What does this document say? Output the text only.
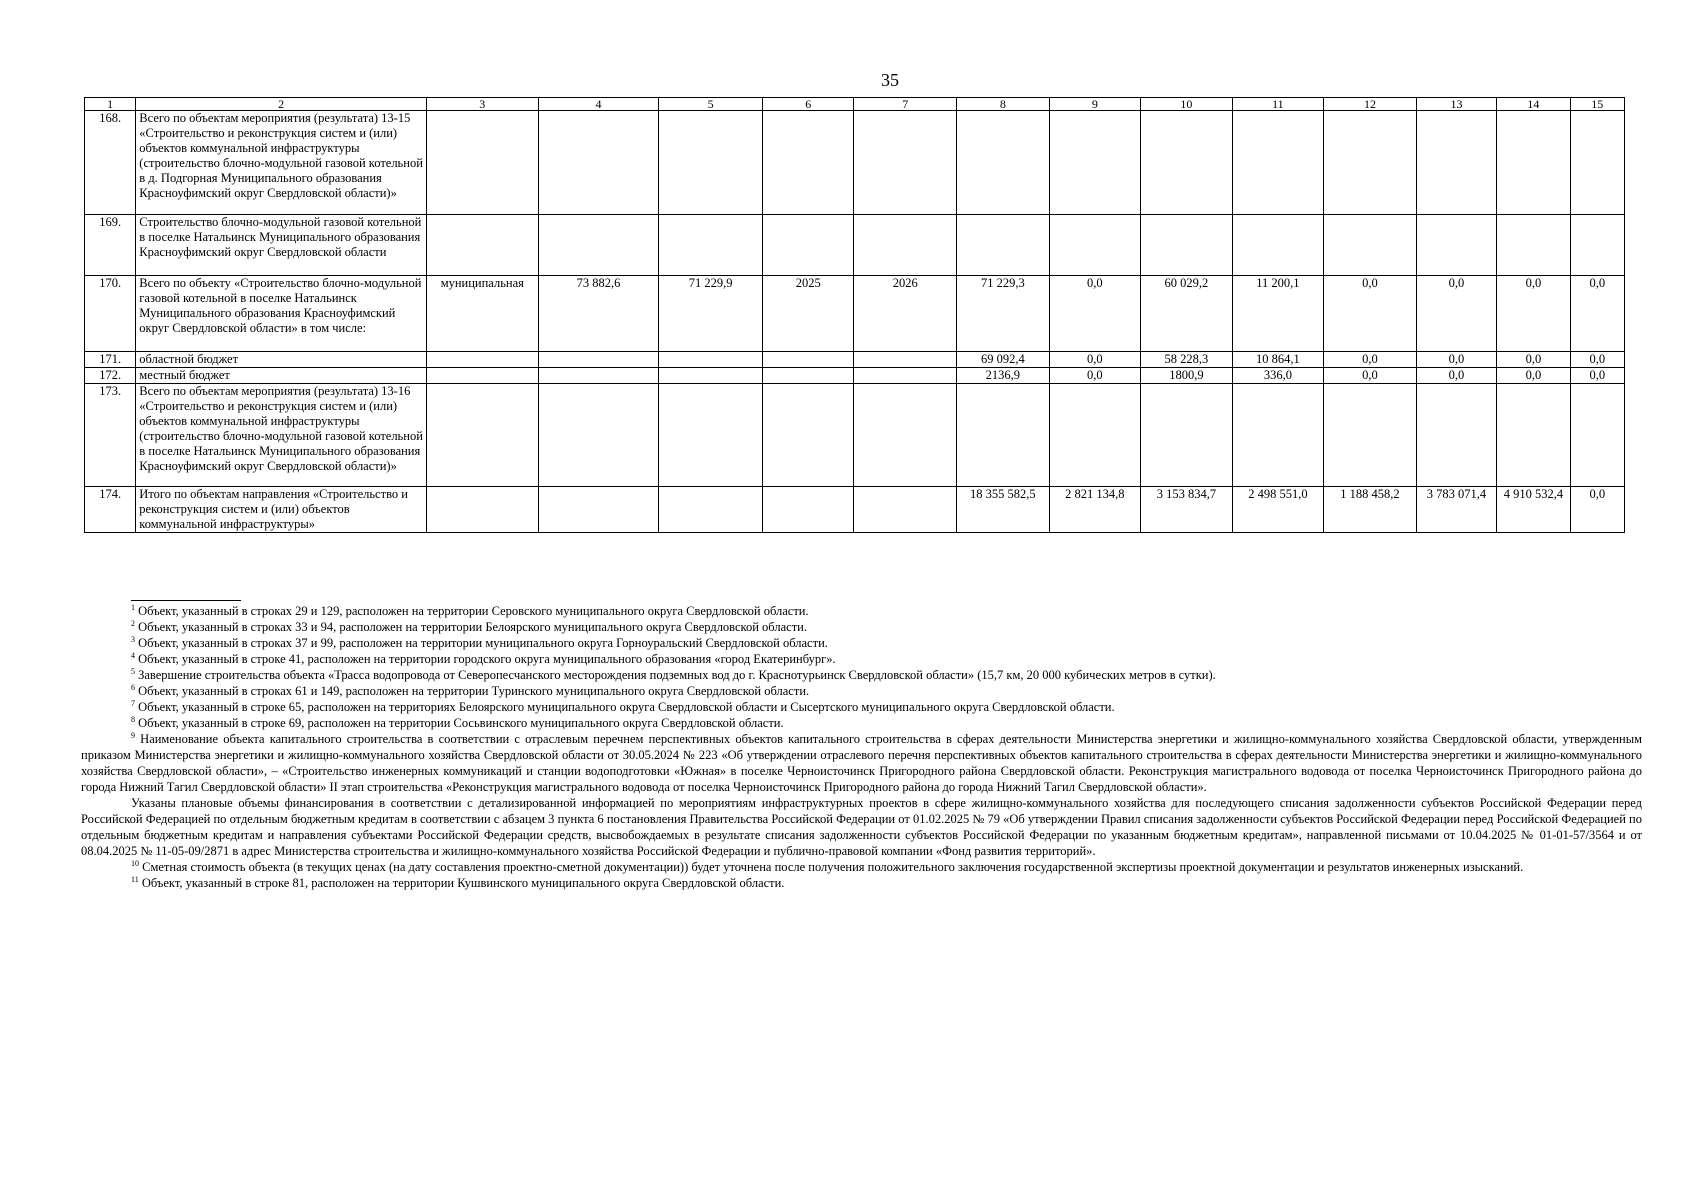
35
1	2	3	4	5	6	7	8	9	10	11	12	13	14	15
168.	Всего по объектам мероприятия (результата) 13-15 «Строительство и реконструкция систем и (или) объектов коммунальной инфраструктуры (строительство блочно-модульной газовой котельной в д. Подгорная Муниципального образования Красноуфимский округ Свердловской области)»													
169.	Строительство блочно-модульной газовой котельной в поселке Натальинск Муниципального образования Красноуфимский округ Свердловской области													
170.	Всего по объекту «Строительство блочно-модульной газовой котельной в поселке Натальинск Муниципального образования Красноуфимский округ Свердловской области» в том числе:	муниципальная	73 882,6	71 229,9	2025	2026	71 229,3	0,0	60 029,2	11 200,1	0,0	0,0	0,0	0,0
171.	областной бюджет						69 092,4	0,0	58 228,3	10 864,1	0,0	0,0	0,0	0,0
172.	местный бюджет						2136,9	0,0	1800,9	336,0	0,0	0,0	0,0	0,0
173.	Всего по объектам мероприятия (результата) 13-16 «Строительство и реконструкция систем и (или) объектов коммунальной инфраструктуры (строительство блочно-модульной газовой котельной в поселке Натальинск Муниципального образования Красноуфимский округ Свердловской области)»													
174.	Итого по объектам направления «Строительство и реконструкция систем и (или) объектов коммунальной инфраструктуры»						18 355 582,5	2 821 134,8	3 153 834,7	2 498 551,0	1 188 458,2	3 783 071,4	4 910 532,4	0,0

$^1$ Объект, указанный в строках 29 и 129, расположен на территории Серовского муниципального округа Свердловской области.

$^2$ Объект, указанный в строках 33 и 94, расположен на территории Белоярского муниципального округа Свердловской области.

$^3$ Объект, указанный в строках 37 и 99, расположен на территории муниципального округа Горноуральский Свердловской области.

$^4$ Объект, указанный в строке 41, расположен на территории городского округа муниципального образования «город Екатеринбург».

$^5$ Завершение строительства объекта «Трасса водопровода от Северопесчанского месторождения подземных вод до г. Краснотурьинск Свердловской области» (15,7 км, 20 000 кубических метров в сутки).

$^6$ Объект, указанный в строках 61 и 149, расположен на территории Туринского муниципального округа Свердловской области.

$^7$ Объект, указанный в строке 65, расположен на территориях Белоярского муниципального округа Свердловской области и Сысертского муниципального округа Свердловской области.

$^8$ Объект, указанный в строке 69, расположен на территории Сосьвинского муниципального округа Свердловской области.

$^9$ Наименование объекта капитального строительства в соответствии с отраслевым перечнем перспективных объектов капитального строительства в сферах деятельности Министерства энергетики и жилищно-коммунального хозяйства Свердловской области, утвержденным приказом Министерства энергетики и жилищно-коммунального хозяйства Свердловской области от 30.05.2024 № 223 «Об утверждении отраслевого перечня перспективных объектов капитального строительства в сферах деятельности Министерства энергетики и жилищно-коммунального хозяйства Свердловской области», – «Строительство инженерных коммуникаций и станции водоподготовки «Южная» в поселке Черноисточинск Пригородного района Свердловской области. Реконструкция магистрального водовода от поселка Черноисточинск Пригородного района до города Нижний Тагил Свердловской области» II этап строительства «Реконструкция магистрального водовода от поселка Черноисточинск Пригородного района до города Нижний Тагил Свердловской области».

Указаны плановые объемы финансирования в соответствии с детализированной информацией по мероприятиям инфраструктурных проектов в сфере жилищно-коммунального хозяйства для последующего списания задолженности субъектов Российской Федерации перед Российской Федерацией по отдельным бюджетным кредитам в соответствии с абзацем 3 пункта 6 постановления Правительства Российской Федерации от 01.02.2025 № 79 «Об утверждении Правил списания задолженности субъектов Российской Федерации перед Российской Федерацией по отдельным бюджетным кредитам и направления субъектами Российской Федерации средств, высвобождаемых в результате списания задолженности субъектов Российской Федерации по указанным бюджетным кредитам», направленной письмами от 10.04.2025 № 01-01-57/3564 и от 08.04.2025 № 11-05-09/2871 в адрес Министерства строительства и жилищно-коммунального хозяйства Российской Федерации и публично-правовой компании «Фонд развития территорий».

$^{10}$ Сметная стоимость объекта (в текущих ценах (на дату составления проектно-сметной документации)) будет уточнена после получения положительного заключения государственной экспертизы проектной документации и результатов инженерных изысканий.

$^{11}$ Объект, указанный в строке 81, расположен на территории Кушвинского муниципального округа Свердловской области.
